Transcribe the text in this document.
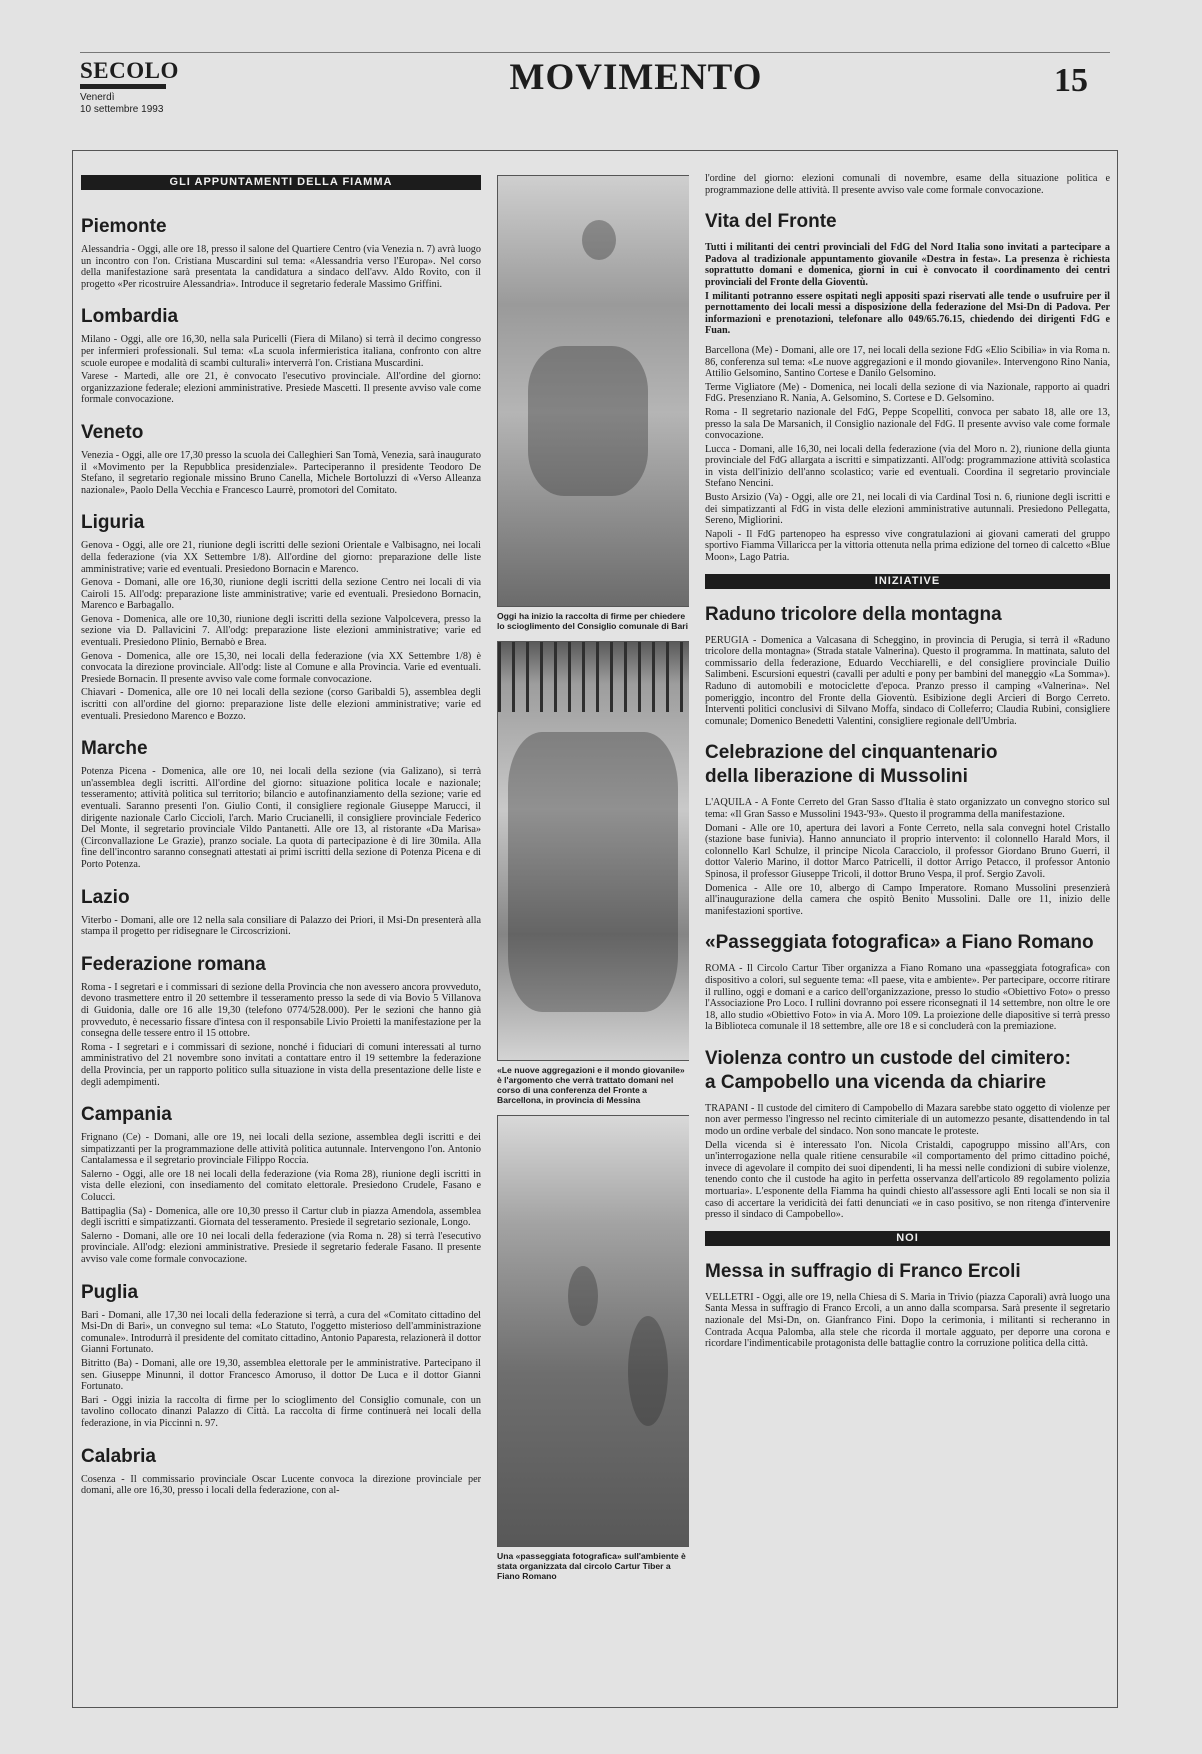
SECOLO
Venerdì
10 settembre 1993
MOVIMENTO	15
GLI APPUNTAMENTI DELLA FIAMMA
Piemonte

Alessandria - Oggi, alle ore 18, presso il salone del Quartiere Centro (via Venezia n. 7) avrà luogo un incontro con l'on. Cristiana Muscardini sul tema: «Alessandria verso l'Europa». Nel corso della manifestazione sarà presentata la candidatura a sindaco dell'avv. Aldo Rovito, con il progetto «Per ricostruire Alessandria». Introduce il segretario federale Massimo Griffini.

Lombardia

Milano - Oggi, alle ore 16,30, nella sala Puricelli (Fiera di Milano) si terrà il decimo congresso per infermieri professionali. Sul tema: «La scuola infermieristica italiana, confronto con altre scuole europee e modalità di scambi culturali» interverrà l'on. Cristiana Muscardini.

Varese - Martedì, alle ore 21, è convocato l'esecutivo provinciale. All'ordine del giorno: organizzazione federale; elezioni amministrative. Presiede Mascetti. Il presente avviso vale come formale convocazione.

Veneto

Venezia - Oggi, alle ore 17,30 presso la scuola dei Calleghieri San Tomà, Venezia, sarà inaugurato il «Movimento per la Repubblica presidenziale». Parteciperanno il presidente Teodoro De Stefano, il segretario regionale missino Bruno Canella, Michele Bortoluzzi di «Verso Alleanza nazionale», Paolo Della Vecchia e Francesco Laurrè, promotori del Comitato.

Liguria

Genova - Oggi, alle ore 21, riunione degli iscritti delle sezioni Orientale e Valbisagno, nei locali della federazione (via XX Settembre 1/8). All'ordine del giorno: preparazione delle liste amministrative; varie ed eventuali. Presiedono Bornacin e Marenco.

Genova - Domani, alle ore 16,30, riunione degli iscritti della sezione Centro nei locali di via Cairoli 15. All'odg: preparazione liste amministrative; varie ed eventuali. Presiedono Bornacin, Marenco e Barbagallo.

Genova - Domenica, alle ore 10,30, riunione degli iscritti della sezione Valpolcevera, presso la sezione via D. Pallavicini 7. All'odg: preparazione liste elezioni amministrative; varie ed eventuali. Presiedono Plinio, Bernabò e Brea.

Genova - Domenica, alle ore 15,30, nei locali della federazione (via XX Settembre 1/8) è convocata la direzione provinciale. All'odg: liste al Comune e alla Provincia. Varie ed eventuali. Presiede Bornacin. Il presente avviso vale come formale convocazione.

Chiavari - Domenica, alle ore 10 nei locali della sezione (corso Garibaldi 5), assemblea degli iscritti con all'ordine del giorno: preparazione liste delle elezioni amministrative; varie ed eventuali. Presiedono Marenco e Bozzo.

Marche

Potenza Picena - Domenica, alle ore 10, nei locali della sezione (via Galizano), si terrà un'assemblea degli iscritti. All'ordine del giorno: situazione politica locale e nazionale; tesseramento; attività politica sul territorio; bilancio e autofinanziamento della sezione; varie ed eventuali. Saranno presenti l'on. Giulio Conti, il consigliere regionale Giuseppe Marucci, il dirigente nazionale Carlo Ciccioli, l'arch. Mario Crucianelli, il consigliere provinciale Federico Del Monte, il segretario provinciale Vildo Pantanetti. Alle ore 13, al ristorante «Da Marisa» (Circonvallazione Le Grazie), pranzo sociale. La quota di partecipazione è di lire 30mila. Alla fine dell'incontro saranno consegnati attestati ai primi iscritti della sezione di Potenza Picena e di Porto Potenza.

Lazio

Viterbo - Domani, alle ore 12 nella sala consiliare di Palazzo dei Priori, il Msi-Dn presenterà alla stampa il progetto per ridisegnare le Circoscrizioni.

Federazione romana

Roma - I segretari e i commissari di sezione della Provincia che non avessero ancora provveduto, devono trasmettere entro il 20 settembre il tesseramento presso la sede di via Bovio 5 Villanova di Guidonia, dalle ore 16 alle 19,30 (telefono 0774/528.000). Per le sezioni che hanno già provveduto, è necessario fissare d'intesa con il responsabile Livio Proietti la manifestazione per la consegna delle tessere entro il 15 ottobre.

Roma - I segretari e i commissari di sezione, nonché i fiduciari di comuni interessati al turno amministrativo del 21 novembre sono invitati a contattare entro il 19 settembre la federazione della Provincia, per un rapporto politico sulla situazione in vista della presentazione delle liste e degli adempimenti.

Campania

Frignano (Ce) - Domani, alle ore 19, nei locali della sezione, assemblea degli iscritti e dei simpatizzanti per la programmazione delle attività politica autunnale. Intervengono l'on. Antonio Cantalamessa e il segretario provinciale Filippo Roccia.

Salerno - Oggi, alle ore 18 nei locali della federazione (via Roma 28), riunione degli iscritti in vista delle elezioni, con insediamento del comitato elettorale. Presiedono Crudele, Fasano e Colucci.

Battipaglia (Sa) - Domenica, alle ore 10,30 presso il Cartur club in piazza Amendola, assemblea degli iscritti e simpatizzanti. Giornata del tesseramento. Presiede il segretario sezionale, Longo.

Salerno - Domani, alle ore 10 nei locali della federazione (via Roma n. 28) si terrà l'esecutivo provinciale. All'odg: elezioni amministrative. Presiede il segretario federale Fasano. Il presente avviso vale come formale convocazione.

Puglia

Bari - Domani, alle 17,30 nei locali della federazione si terrà, a cura del «Comitato cittadino del Msi-Dn di Bari», un convegno sul tema: «Lo Statuto, l'oggetto misterioso dell'amministrazione comunale». Introdurrà il presidente del comitato cittadino, Antonio Paparesta, relazionerà il dottor Gianni Fortunato.

Bitritto (Ba) - Domani, alle ore 19,30, assemblea elettorale per le amministrative. Partecipano il sen. Giuseppe Minunni, il dottor Francesco Amoruso, il dottor De Luca e il dottor Gianni Fortunato.

Bari - Oggi inizia la raccolta di firme per lo scioglimento del Consiglio comunale, con un tavolino collocato dinanzi Palazzo di Città. La raccolta di firme continuerà nei locali della federazione, in via Piccinni n. 97.

Calabria

Cosenza - Il commissario provinciale Oscar Lucente convoca la direzione provinciale per domani, alle ore 16,30, presso i locali della federazione, con al-

Oggi ha inizio la raccolta di firme per chiedere lo scioglimento del Consiglio comunale di Bari
«Le nuove aggregazioni e il mondo giovanile» è l'argomento che verrà trattato domani nel corso di una conferenza del Fronte a Barcellona, in provincia di Messina
Una «passeggiata fotografica» sull'ambiente è stata organizzata dal circolo Cartur Tiber a Fiano Romano

l'ordine del giorno: elezioni comunali di novembre, esame della situazione politica e programmazione delle attività. Il presente avviso vale come formale convocazione.

Vita del Fronte

Tutti i militanti dei centri provinciali del FdG del Nord Italia sono invitati a partecipare a Padova al tradizionale appuntamento giovanile «Destra in festa». La presenza è richiesta soprattutto domani e domenica, giorni in cui è convocato il coordinamento dei centri provinciali del Fronte della Gioventù.

I militanti potranno essere ospitati negli appositi spazi riservati alle tende o usufruire per il pernottamento dei locali messi a disposizione della federazione del Msi-Dn di Padova. Per informazioni e prenotazioni, telefonare allo 049/65.76.15, chiedendo dei dirigenti FdG e Fuan.

Barcellona (Me) - Domani, alle ore 17, nei locali della sezione FdG «Elio Scibilia» in via Roma n. 86, conferenza sul tema: «Le nuove aggregazioni e il mondo giovanile». Intervengono Rino Nania, Attilio Gelsomino, Santino Cortese e Danilo Gelsomino.

Terme Vigliatore (Me) - Domenica, nei locali della sezione di via Nazionale, rapporto ai quadri FdG. Presenziano R. Nania, A. Gelsomino, S. Cortese e D. Gelsomino.

Roma - Il segretario nazionale del FdG, Peppe Scopelliti, convoca per sabato 18, alle ore 13, presso la sala De Marsanich, il Consiglio nazionale del FdG. Il presente avviso vale come formale convocazione.

Lucca - Domani, alle 16,30, nei locali della federazione (via del Moro n. 2), riunione della giunta provinciale del FdG allargata a iscritti e simpatizzanti. All'odg: programmazione attività scolastica in vista dell'inizio dell'anno scolastico; varie ed eventuali. Coordina il segretario provinciale Stefano Nencini.

Busto Arsizio (Va) - Oggi, alle ore 21, nei locali di via Cardinal Tosi n. 6, riunione degli iscritti e dei simpatizzanti al FdG in vista delle elezioni amministrative autunnali. Presiedono Pellegatta, Sereno, Migliorini.

Napoli - Il FdG partenopeo ha espresso vive congratulazioni ai giovani camerati del gruppo sportivo Fiamma Villaricca per la vittoria ottenuta nella prima edizione del torneo di calcetto «Blue Moon», Lago Patria.

INIZIATIVE
Raduno tricolore della montagna

PERUGIA - Domenica a Valcasana di Scheggino, in provincia di Perugia, si terrà il «Raduno tricolore della montagna» (Strada statale Valnerina). Questo il programma. In mattinata, saluto del commissario della federazione, Eduardo Vecchiarelli, e del consigliere provinciale Duilio Salimbeni. Escursioni equestri (cavalli per adulti e pony per bambini del maneggio «La Somma»). Raduno di automobili e motociclette d'epoca. Pranzo presso il camping «Valnerina». Nel pomeriggio, incontro del Fronte della Gioventù. Esibizione degli Arcieri di Borgo Cerreto. Interventi politici conclusivi di Silvano Moffa, sindaco di Colleferro; Claudia Rubini, consigliere comunale; Domenico Benedetti Valentini, consigliere regionale dell'Umbria.

Celebrazione del cinquantenario
della liberazione di Mussolini

L'AQUILA - A Fonte Cerreto del Gran Sasso d'Italia è stato organizzato un convegno storico sul tema: «Il Gran Sasso e Mussolini 1943-'93». Questo il programma della manifestazione.

Domani - Alle ore 10, apertura dei lavori a Fonte Cerreto, nella sala convegni hotel Cristallo (stazione base funivia). Hanno annunciato il proprio intervento: il colonnello Harald Mors, il colonnello Karl Schulze, il principe Nicola Caracciolo, il professor Giordano Bruno Guerri, il dottor Valerio Marino, il dottor Marco Patricelli, il dottor Arrigo Petacco, il professor Antonio Spinosa, il professor Giuseppe Tricoli, il dottor Bruno Vespa, il prof. Sergio Zavoli.

Domenica - Alle ore 10, albergo di Campo Imperatore. Romano Mussolini presenzierà all'inaugurazione della camera che ospitò Benito Mussolini. Dalle ore 11, inizio delle manifestazioni sportive.

«Passeggiata fotografica» a Fiano Romano

ROMA - Il Circolo Cartur Tiber organizza a Fiano Romano una «passeggiata fotografica» con dispositivo a colori, sul seguente tema: «Il paese, vita e ambiente». Per partecipare, occorre ritirare il rullino, oggi e domani e a carico dell'organizzazione, presso lo studio «Obiettivo Foto» o presso l'Associazione Pro Loco. I rullini dovranno poi essere riconsegnati il 14 settembre, non oltre le ore 18, allo studio «Obiettivo Foto» in via A. Moro 109. La proiezione delle diapositive si terrà presso la Biblioteca comunale il 18 settembre, alle ore 18 e si concluderà con la premiazione.

Violenza contro un custode del cimitero:
a Campobello una vicenda da chiarire

TRAPANI - Il custode del cimitero di Campobello di Mazara sarebbe stato oggetto di violenze per non aver permesso l'ingresso nel recinto cimiteriale di un automezzo pesante, disattendendo in tal modo un ordine verbale del sindaco. Non sono mancate le proteste.

Della vicenda si è interessato l'on. Nicola Cristaldi, capogruppo missino all'Ars, con un'interrogazione nella quale ritiene censurabile «il comportamento del primo cittadino poiché, invece di agevolare il compito dei suoi dipendenti, li ha messi nelle condizioni di subire violenze, tenendo conto che il custode ha agito in perfetta osservanza dell'articolo 89 regolamento polizia mortuaria». L'esponente della Fiamma ha quindi chiesto all'assessore agli Enti locali se non sia il caso di accertare la veridicità dei fatti denunciati «e in caso positivo, se non ritenga d'intervenire presso il sindaco di Campobello».

NOI
Messa in suffragio di Franco Ercoli

VELLETRI - Oggi, alle ore 19, nella Chiesa di S. Maria in Trivio (piazza Caporali) avrà luogo una Santa Messa in suffragio di Franco Ercoli, a un anno dalla scomparsa. Sarà presente il segretario nazionale del Msi-Dn, on. Gianfranco Fini. Dopo la cerimonia, i militanti si recheranno in Contrada Acqua Palomba, alla stele che ricorda il mortale agguato, per deporre una corona e ricordare l'indimenticabile protagonista delle battaglie contro la corruzione politica della città.
